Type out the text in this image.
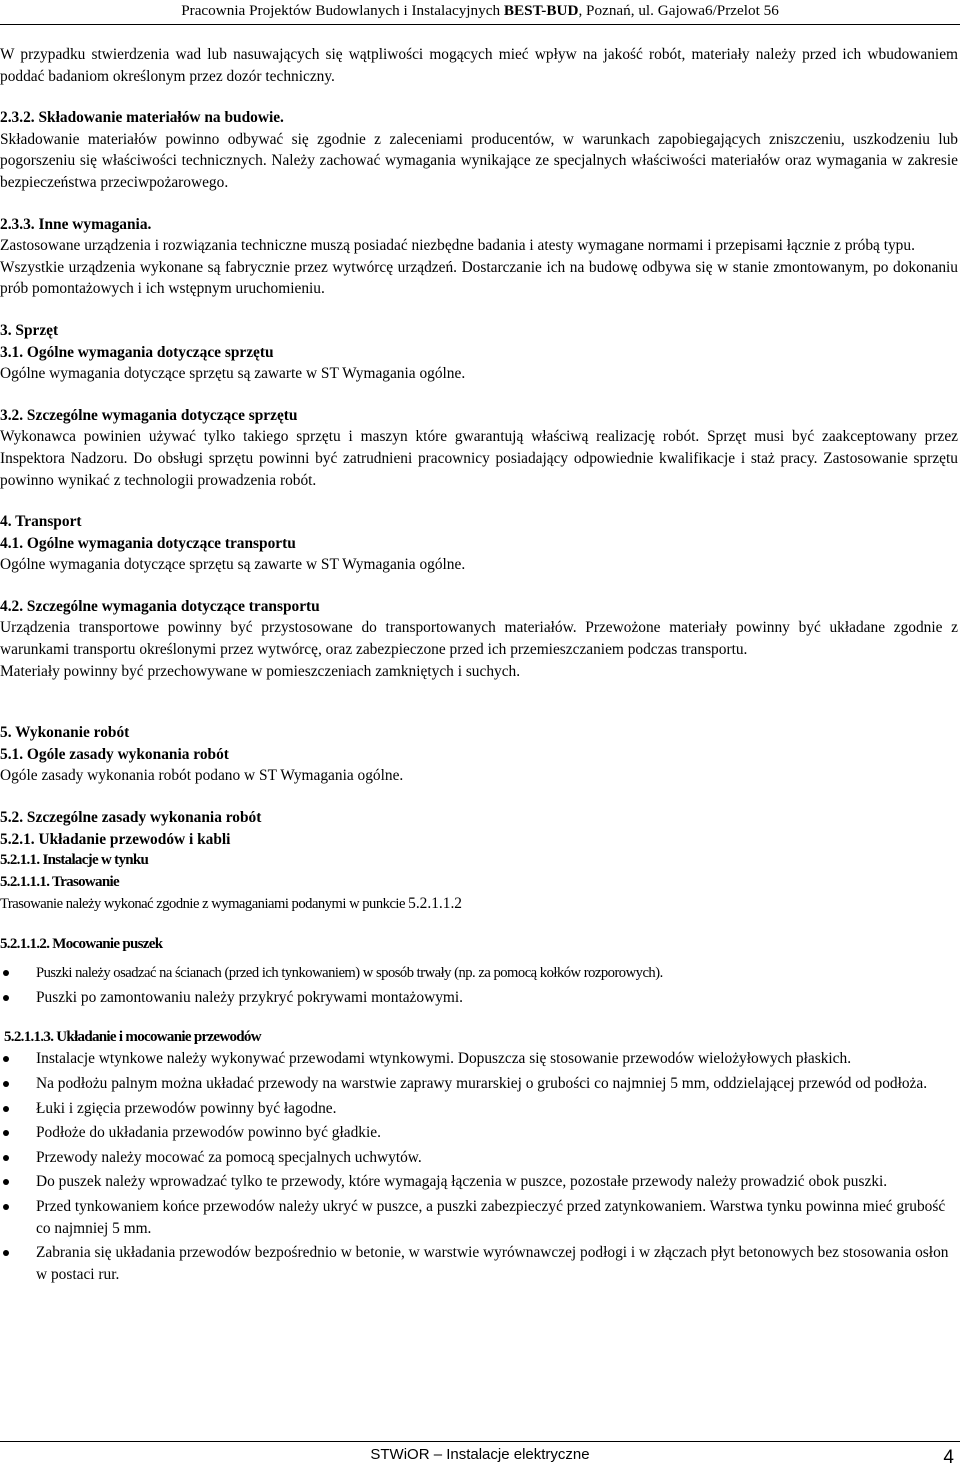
Pracownia Projektów Budowlanych i Instalacyjnych BEST-BUD, Poznań, ul. Gajowa6/Przelot 56

W przypadku stwierdzenia wad lub nasuwających się wątpliwości mogących mieć wpływ na jakość robót, materiały należy przed ich wbudowaniem poddać badaniom określonym przez dozór techniczny.

2.3.2. Składowanie materiałów na budowie.

Składowanie materiałów powinno odbywać się zgodnie z zaleceniami producentów, w warunkach zapobiegających zniszczeniu, uszkodzeniu lub pogorszeniu się właściwości technicznych. Należy zachować wymagania wynikające ze specjalnych właściwości materiałów oraz wymagania w zakresie bezpieczeństwa przeciwpożarowego.

2.3.3. Inne wymagania.

Zastosowane urządzenia i rozwiązania techniczne muszą posiadać niezbędne badania i atesty wymagane normami i przepisami łącznie z próbą typu.

Wszystkie urządzenia wykonane są fabrycznie przez wytwórcę urządzeń. Dostarczanie ich na budowę odbywa się w stanie zmontowanym, po dokonaniu prób pomontażowych i ich wstępnym uruchomieniu.

3. Sprzęt

3.1. Ogólne wymagania dotyczące sprzętu

Ogólne wymagania dotyczące sprzętu są zawarte w ST Wymagania ogólne.

3.2. Szczególne wymagania dotyczące sprzętu

Wykonawca powinien używać tylko takiego sprzętu i maszyn które gwarantują właściwą realizację robót. Sprzęt musi być zaakceptowany przez Inspektora Nadzoru. Do obsługi sprzętu powinni być zatrudnieni pracownicy posiadający odpowiednie kwalifikacje i staż pracy. Zastosowanie sprzętu powinno wynikać z technologii prowadzenia robót.

4. Transport

4.1. Ogólne wymagania dotyczące transportu

Ogólne wymagania dotyczące sprzętu są zawarte w ST Wymagania ogólne.

4.2. Szczególne wymagania dotyczące transportu

Urządzenia transportowe powinny być przystosowane do transportowanych materiałów. Przewożone materiały powinny być układane zgodnie z warunkami transportu określonymi przez wytwórcę, oraz zabezpieczone przed ich przemieszczaniem podczas transportu.

Materiały powinny być przechowywane w pomieszczeniach zamkniętych i suchych.

5. Wykonanie robót

5.1. Ogóle zasady wykonania robót

Ogóle zasady wykonania robót podano w ST Wymagania ogólne.

5.2. Szczególne zasady wykonania robót

5.2.1. Układanie przewodów i kabli

5.2.1.1. Instalacje w tynku

5.2.1.1.1. Trasowanie

Trasowanie należy wykonać zgodnie z wymaganiami podanymi w punkcie 5.2.1.1.2

5.2.1.1.2. Mocowanie puszek

Puszki należy osadzać na ścianach (przed ich tynkowaniem) w sposób trwały (np. za pomocą kołków rozporowych).
Puszki po zamontowaniu należy przykryć pokrywami montażowymi.

5.2.1.1.3. Układanie i mocowanie przewodów

Instalacje wtynkowe należy wykonywać przewodami wtynkowymi. Dopuszcza się stosowanie przewodów wielożyłowych płaskich.
Na podłożu palnym można układać przewody na warstwie zaprawy murarskiej o grubości co najmniej 5 mm, oddzielającej przewód od podłoża.
Łuki i zgięcia przewodów powinny być łagodne.
Podłoże do układania przewodów powinno być gładkie.
Przewody należy mocować za pomocą specjalnych uchwytów.
Do puszek należy wprowadzać tylko te przewody, które wymagają łączenia w puszce, pozostałe przewody należy prowadzić obok puszki.
Przed tynkowaniem końce przewodów należy ukryć w puszce, a puszki zabezpieczyć przed zatynkowaniem. Warstwa tynku powinna mieć grubość co najmniej 5 mm.
Zabrania się układania przewodów bezpośrednio w betonie, w warstwie wyrównawczej podłogi i w złączach płyt betonowych bez stosowania osłon w postaci rur.
STWiOR – Instalacje elektryczne	4
